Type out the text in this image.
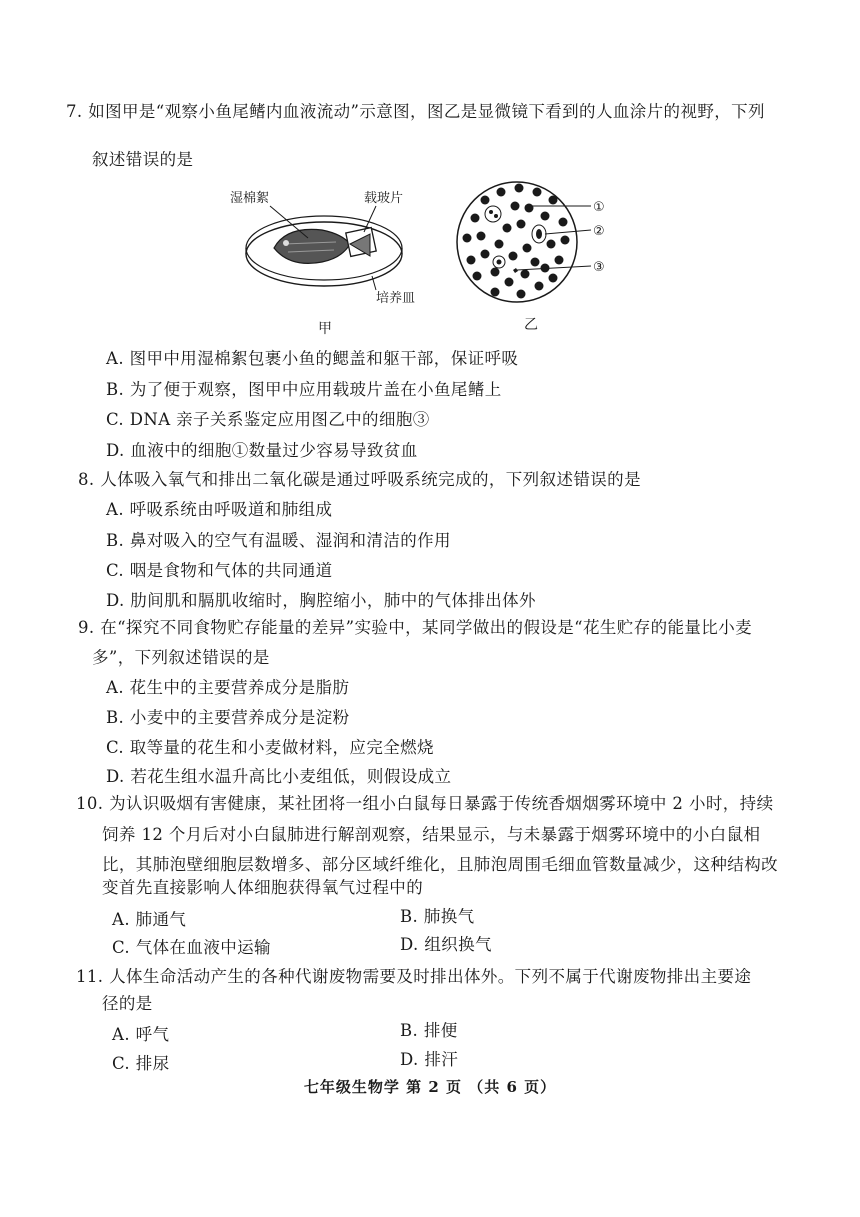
7. 如图甲是“观察小鱼尾鳍内血液流动”示意图，图乙是显微镜下看到的人血涂片的视野，下列
叙述错误的是
湿棉絮	载玻片
培养皿
甲
①
②
③
乙
A. 图甲中用湿棉絮包裹小鱼的鳃盖和躯干部，保证呼吸
B. 为了便于观察，图甲中应用载玻片盖在小鱼尾鳍上
C. DNA 亲子关系鉴定应用图乙中的细胞③
D. 血液中的细胞①数量过少容易导致贫血
8. 人体吸入氧气和排出二氧化碳是通过呼吸系统完成的，下列叙述错误的是
A. 呼吸系统由呼吸道和肺组成
B. 鼻对吸入的空气有温暖、湿润和清洁的作用
C. 咽是食物和气体的共同通道
D. 肋间肌和膈肌收缩时，胸腔缩小，肺中的气体排出体外
9. 在“探究不同食物贮存能量的差异”实验中，某同学做出的假设是“花生贮存的能量比小麦
多”，下列叙述错误的是
A. 花生中的主要营养成分是脂肪
B. 小麦中的主要营养成分是淀粉
C. 取等量的花生和小麦做材料，应完全燃烧
D. 若花生组水温升高比小麦组低，则假设成立
10. 为认识吸烟有害健康，某社团将一组小白鼠每日暴露于传统香烟烟雾环境中 2 小时，持续
饲养 12 个月后对小白鼠肺进行解剖观察，结果显示，与未暴露于烟雾环境中的小白鼠相
比，其肺泡壁细胞层数增多、部分区域纤维化，且肺泡周围毛细血管数量减少，这种结构改
变首先直接影响人体细胞获得氧气过程中的
A. 肺通气	B. 肺换气
C. 气体在血液中运输	D. 组织换气
11. 人体生命活动产生的各种代谢废物需要及时排出体外。下列不属于代谢废物排出主要途
径的是
A. 呼气	B. 排便
C. 排尿	D. 排汗
七年级生物学 第 2 页 （共 6 页）
